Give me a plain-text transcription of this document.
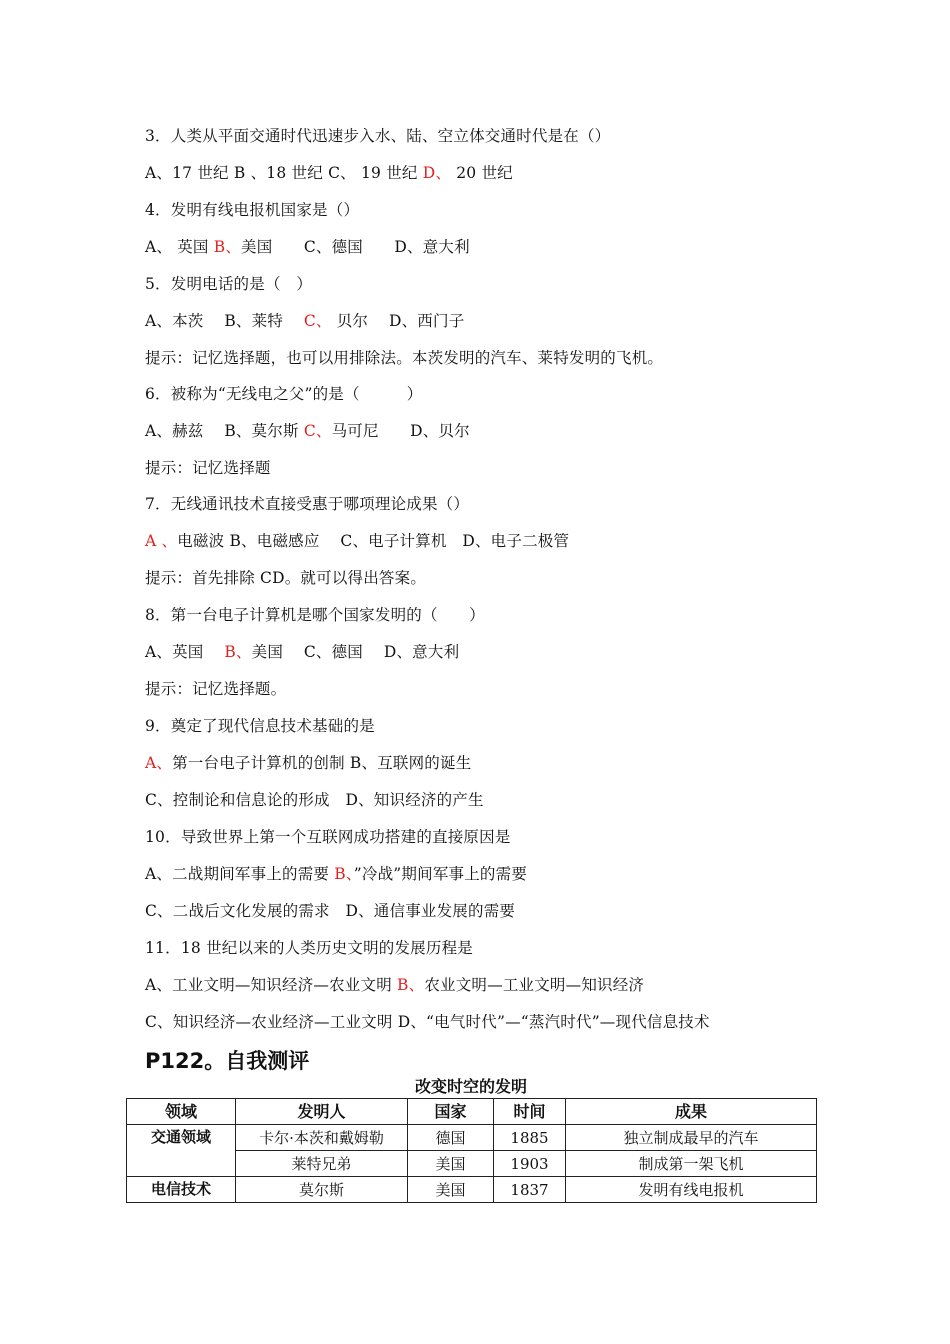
3．人类从平面交通时代迅速步入水、陆、空立体交通时代是在（）
A、17 世纪 B 、18 世纪 C、 19 世纪 D、 20 世纪
4．发明有线电报机国家是（）
A、 英国 B、美国　　C、德国　　D、意大利
5．发明电话的是（　）
A、本茨　 B、莱特　 C、 贝尔　 D、西门子
提示：记忆选择题，也可以用排除法。本茨发明的汽车、莱特发明的飞机。
6．被称为“无线电之父”的是（　　　）
A、赫兹　 B、莫尔斯 C、马可尼　　D、贝尔
提示：记忆选择题
7．无线通讯技术直接受惠于哪项理论成果（）
A 、电磁波 B、电磁感应　 C、电子计算机　D、电子二极管
提示：首先排除 CD。就可以得出答案。
8．第一台电子计算机是哪个国家发明的（　　）
A、英国　 B、美国　 C、德国　 D、意大利
提示：记忆选择题。
9．奠定了现代信息技术基础的是
A、第一台电子计算机的创制 B、互联网的诞生
C、控制论和信息论的形成　D、知识经济的产生
10．导致世界上第一个互联网成功搭建的直接原因是
A、二战期间军事上的需要 B、”冷战”期间军事上的需要
C、二战后文化发展的需求　D、通信事业发展的需要
11．18 世纪以来的人类历史文明的发展历程是
A、工业文明—知识经济—农业文明 B、农业文明—工业文明—知识经济
C、知识经济—农业经济—工业文明 D、“电气时代”—“蒸汽时代”—现代信息技术
P122。自我测评
改变时空的发明
领域	发明人	国家	时间	成果
交通领域	卡尔·本茨和戴姆勒	德国	1885	独立制成最早的汽车
	莱特兄弟	美国	1903	制成第一架飞机
电信技术	莫尔斯	美国	1837	发明有线电报机
